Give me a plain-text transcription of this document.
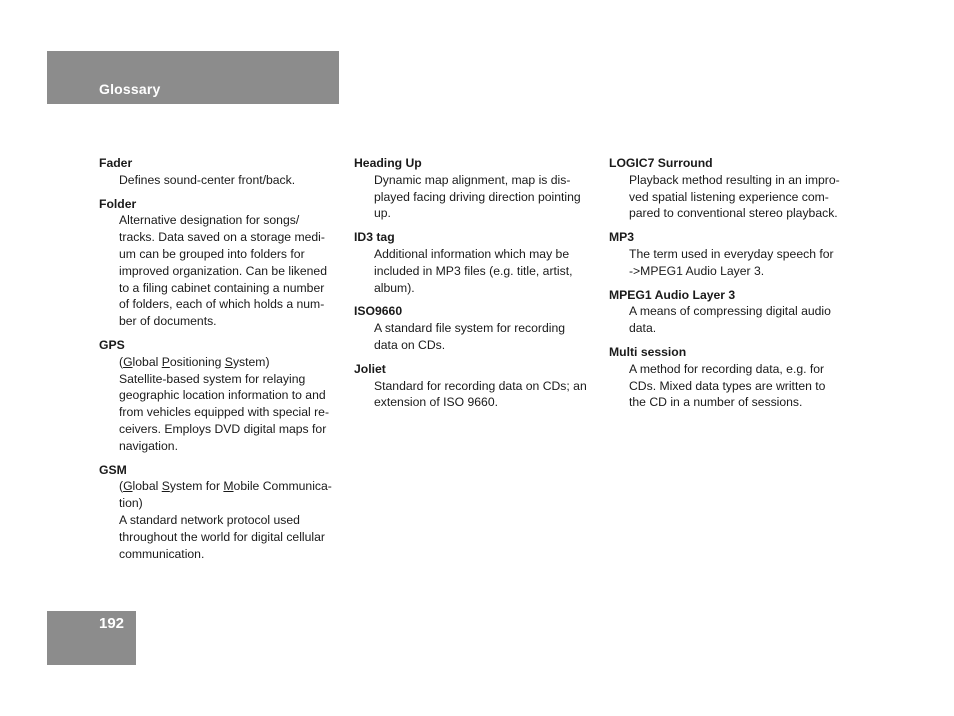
Glossary
Fader
Defines sound-center front/back.
Folder
Alternative designation for songs/
tracks. Data saved on a storage medi-
um can be grouped into folders for
improved organization. Can be likened
to a filing cabinet containing a number
of folders, each of which holds a num-
ber of documents.
GPS
(Global Positioning System)
Satellite-based system for relaying
geographic location information to and
from vehicles equipped with special re-
ceivers. Employs DVD digital maps for
navigation.
GSM
(Global System for Mobile Communica-
tion)
A standard network protocol used
throughout the world for digital cellular
communication.
Heading Up
Dynamic map alignment, map is dis-
played facing driving direction pointing
up.
ID3 tag
Additional information which may be
included in MP3 files (e.g. title, artist,
album).
ISO9660
A standard file system for recording
data on CDs.
Joliet
Standard for recording data on CDs; an
extension of ISO 9660.
LOGIC7 Surround
Playback method resulting in an impro-
ved spatial listening experience com-
pared to conventional stereo playback.
MP3
The term used in everyday speech for
->MPEG1 Audio Layer 3.
MPEG1 Audio Layer 3
A means of compressing digital audio
data.
Multi session
A method for recording data, e.g. for
CDs. Mixed data types are written to
the CD in a number of sessions.
192
